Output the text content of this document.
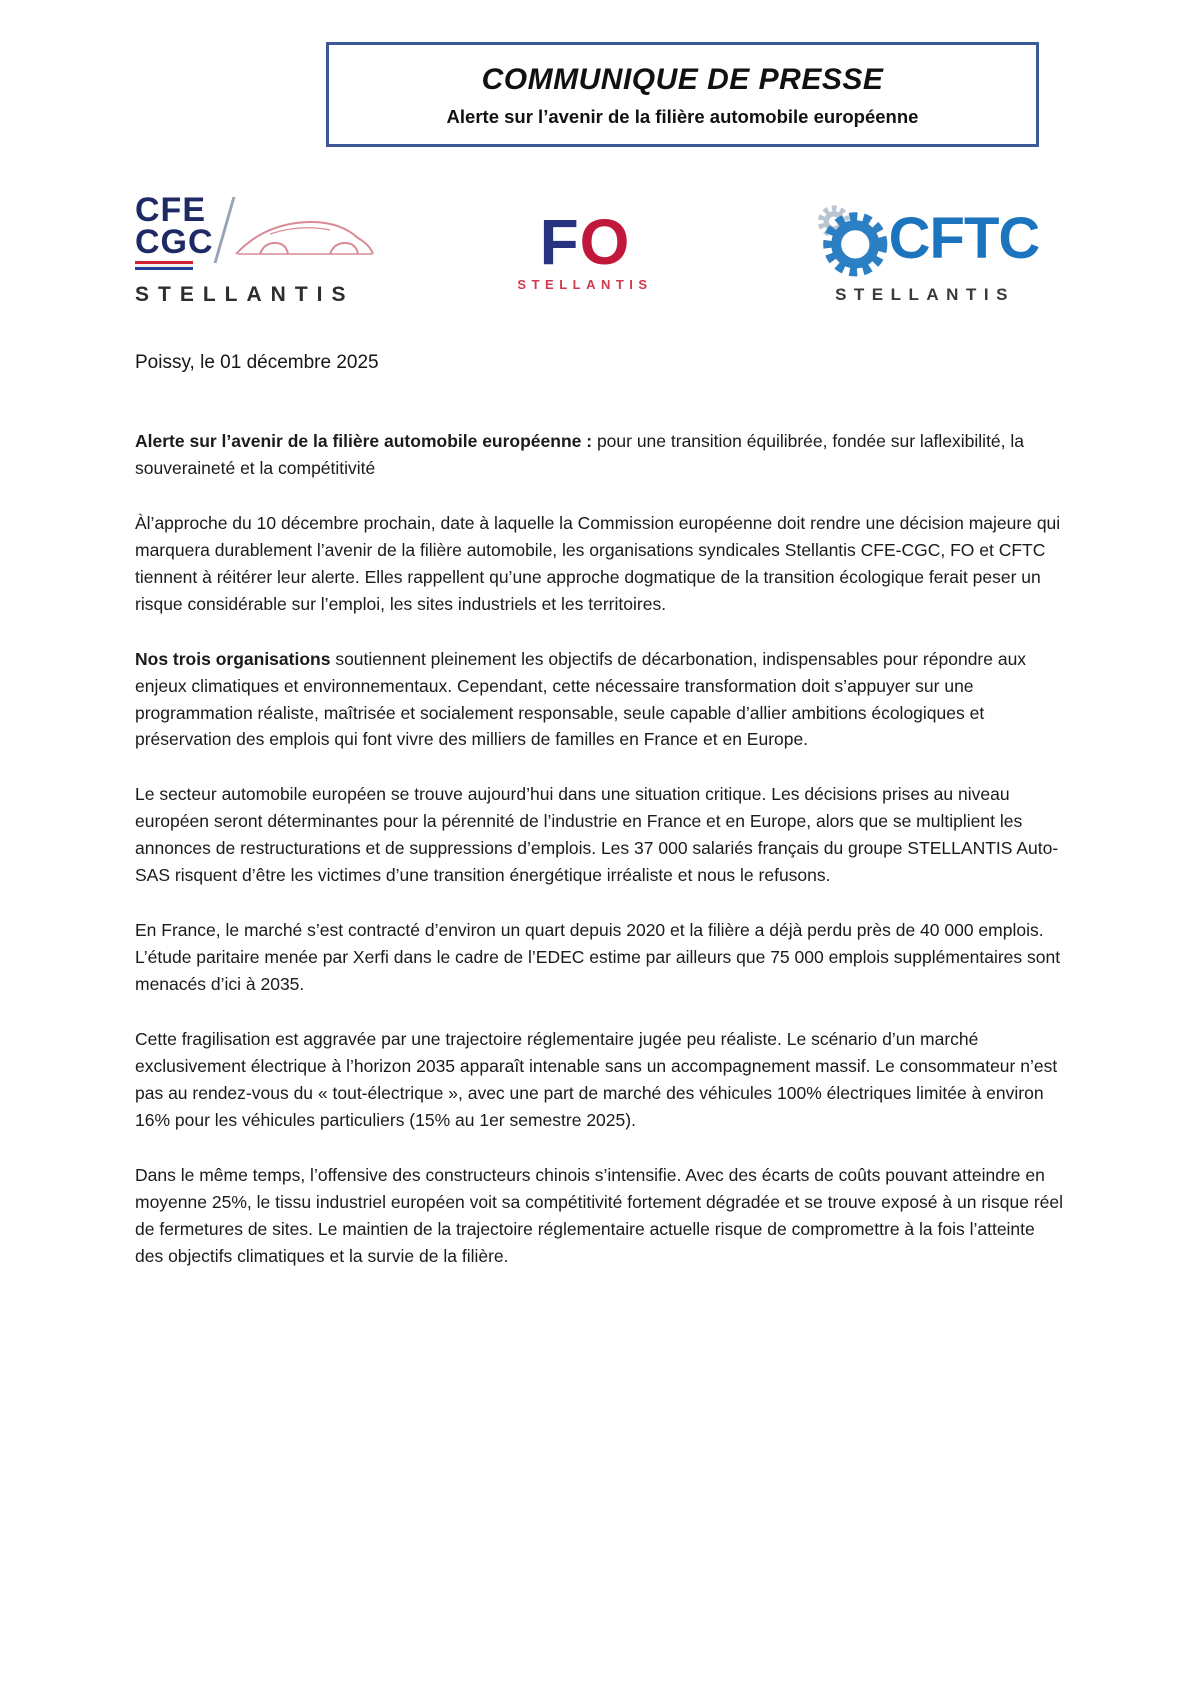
COMMUNIQUE DE PRESSE
Alerte sur l’avenir de la filière automobile européenne
CFE
CGC
STELLANTIS
FO
STELLANTIS
CFTC
STELLANTIS
Poissy, le 01 décembre 2025

Alerte sur l’avenir de la filière automobile européenne : pour une transition équilibrée, fondée sur laflexibilité, la souveraineté et la compétitivité

Àl’approche du 10 décembre prochain, date à laquelle la Commission européenne doit rendre une décision majeure qui marquera durablement l’avenir de la filière automobile, les organisations syndicales Stellantis CFE-CGC, FO et CFTC tiennent à réitérer leur alerte. Elles rappellent qu’une approche dogmatique de la transition écologique ferait peser un risque considérable sur l’emploi, les sites industriels et les territoires.

Nos trois organisations soutiennent pleinement les objectifs de décarbonation, indispensables pour répondre aux enjeux climatiques et environnementaux. Cependant, cette nécessaire transformation doit s’appuyer sur une programmation réaliste, maîtrisée et socialement responsable, seule capable d’allier ambitions écologiques et préservation des emplois qui font vivre des milliers de familles en France et en Europe.

Le secteur automobile européen se trouve aujourd’hui dans une situation critique. Les décisions prises au niveau européen seront déterminantes pour la pérennité de l’industrie en France et en Europe, alors que se multiplient les annonces de restructurations et de suppressions d’emplois. Les 37 000 salariés français du groupe STELLANTIS Auto-SAS risquent d’être les victimes d’une transition énergétique irréaliste et nous le refusons.

En France, le marché s’est contracté d’environ un quart depuis 2020 et la filière a déjà perdu près de 40 000 emplois. L’étude paritaire menée par Xerfi dans le cadre de l’EDEC estime par ailleurs que 75 000 emplois supplémentaires sont menacés d’ici à 2035.

Cette fragilisation est aggravée par une trajectoire réglementaire jugée peu réaliste. Le scénario d’un marché exclusivement électrique à l’horizon 2035 apparaît intenable sans un accompagnement massif. Le consommateur n’est pas au rendez-vous du « tout-électrique », avec une part de marché des véhicules 100% électriques limitée à environ 16% pour les véhicules particuliers (15% au 1er semestre 2025).

Dans le même temps, l’offensive des constructeurs chinois s’intensifie. Avec des écarts de coûts pouvant atteindre en moyenne 25%, le tissu industriel européen voit sa compétitivité fortement dégradée et se trouve exposé à un risque réel de fermetures de sites. Le maintien de la trajectoire réglementaire actuelle risque de compromettre à la fois l’atteinte des objectifs climatiques et la survie de la filière.
